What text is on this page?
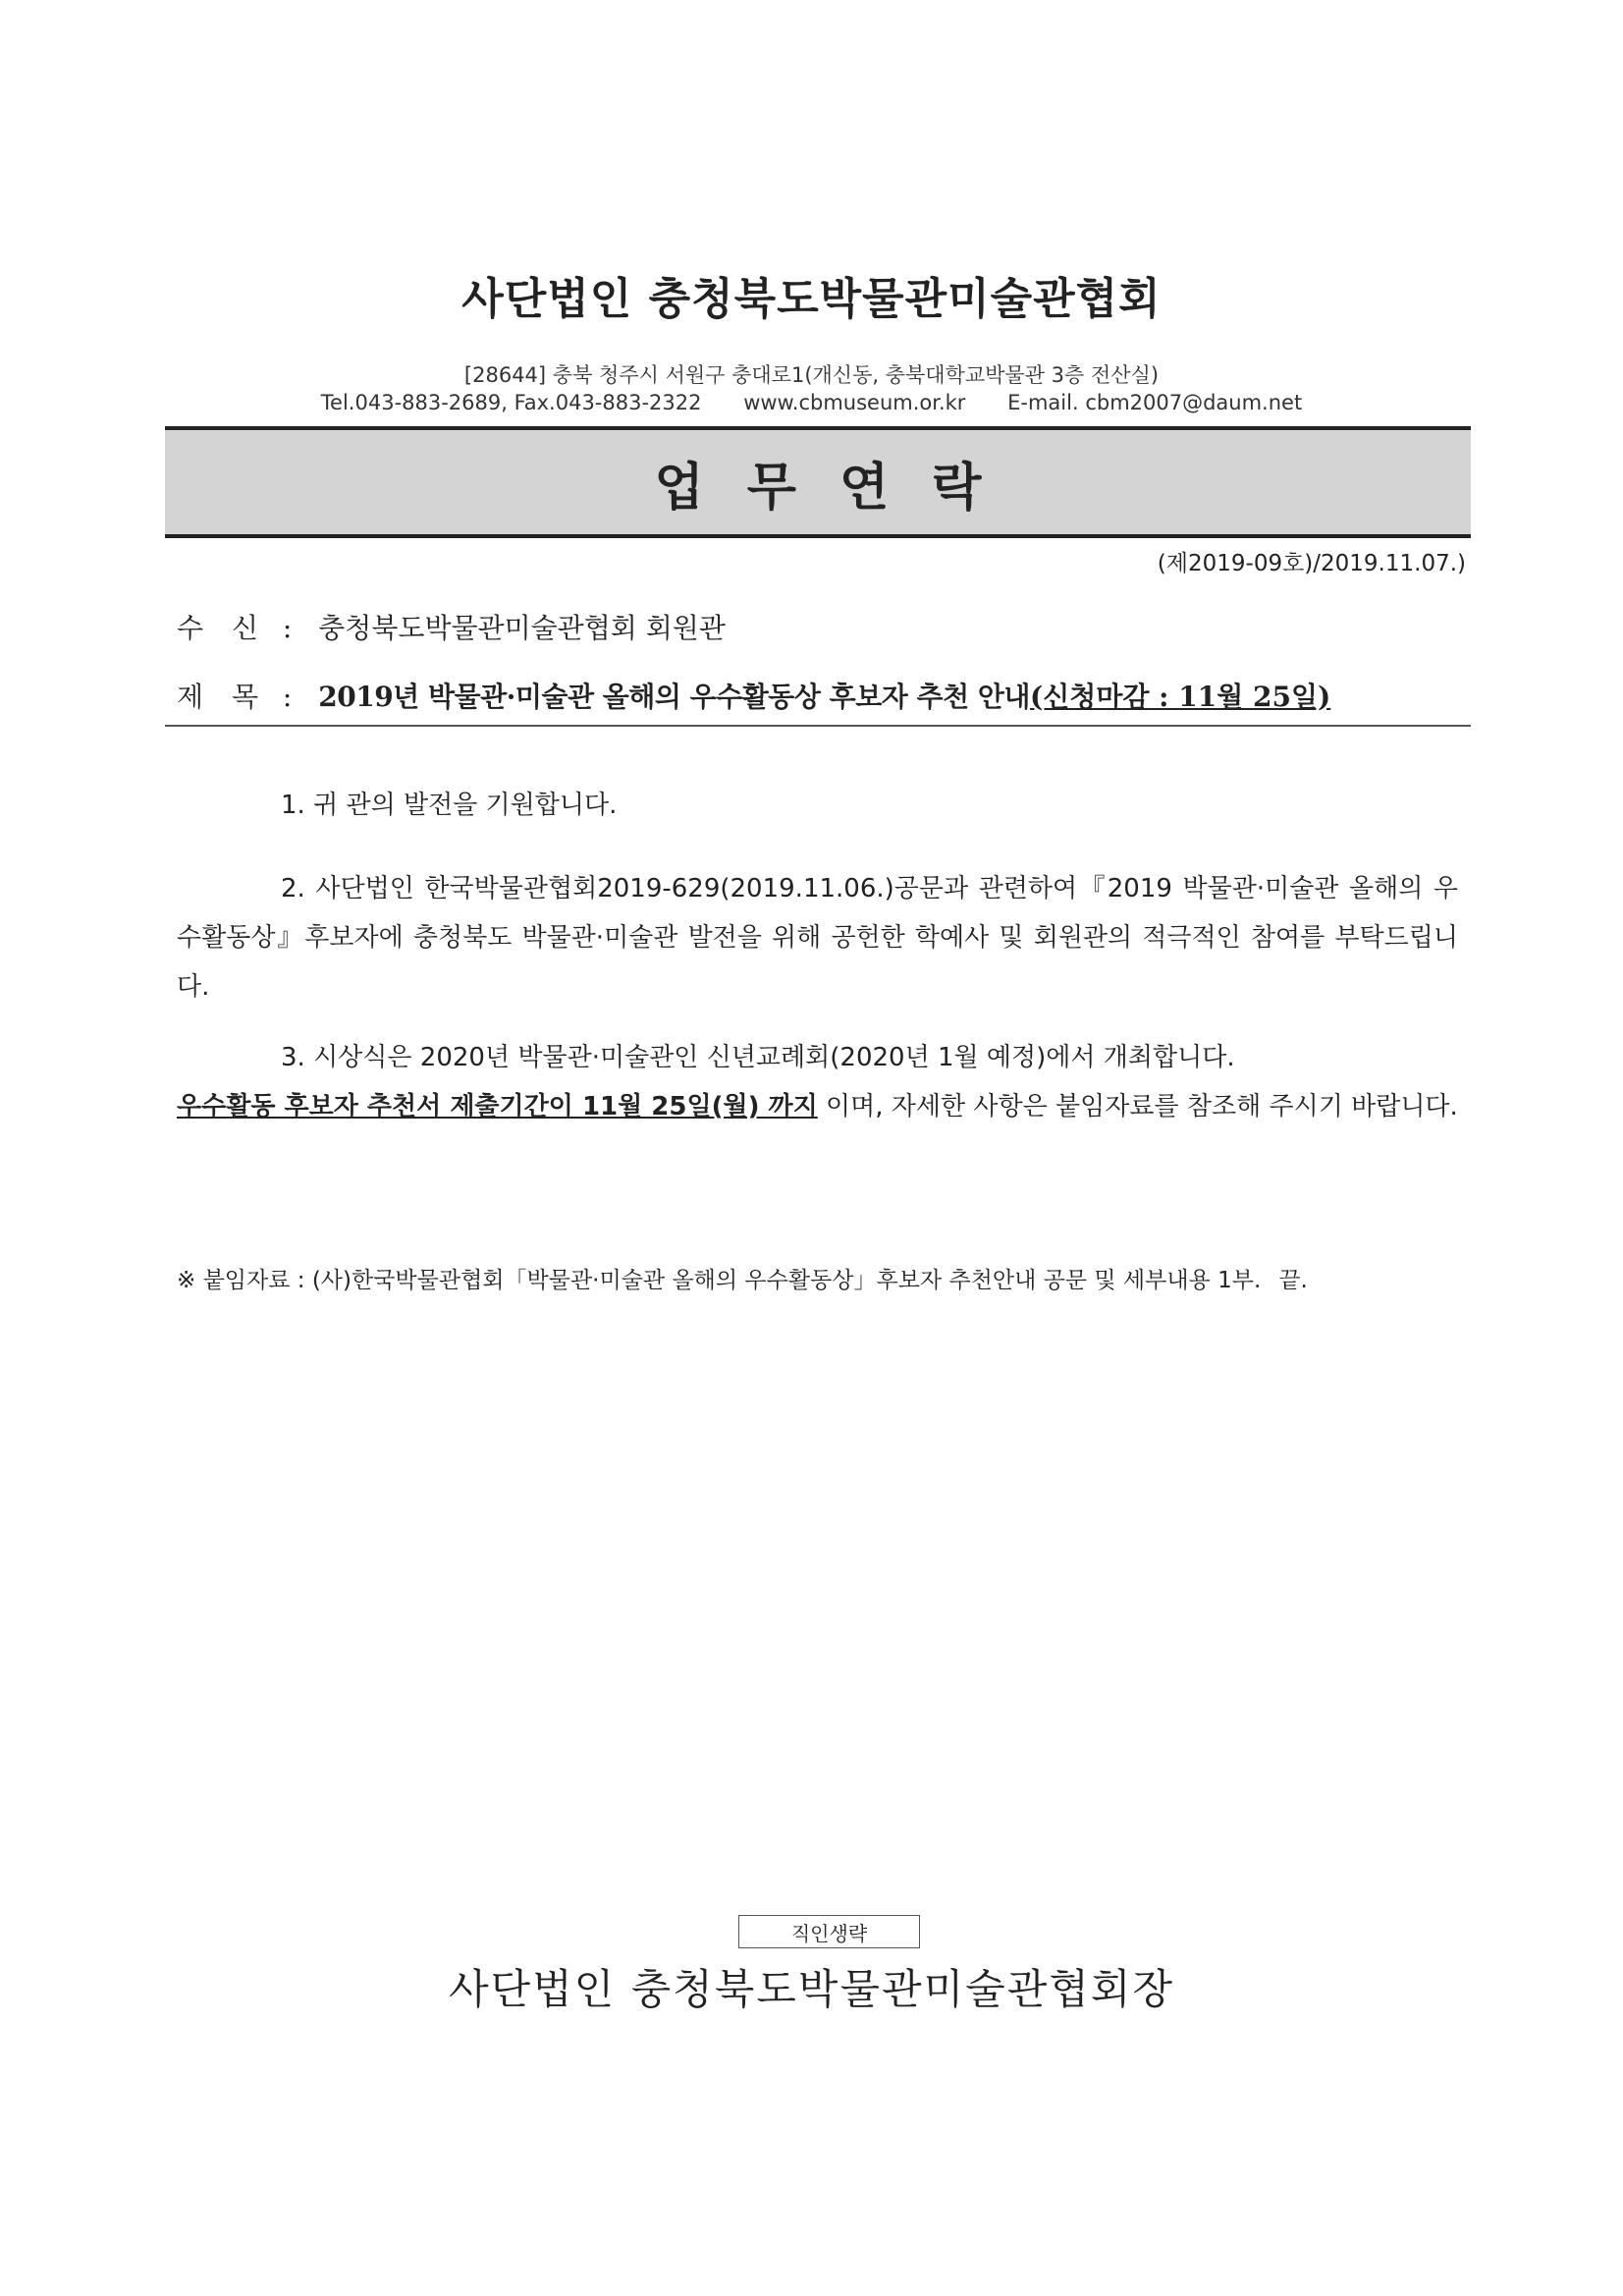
사단법인 충청북도박물관미술관협회
[28644] 충북 청주시 서원구 충대로1(개신동, 충북대학교박물관 3층 전산실)
Tel.043-883-2689, Fax.043-883-2322 www.cbmuseum.or.kr E-mail. cbm2007@daum.net
업무연락
(제2019-09호)/2019.11.07.)
수 신 : 충청북도박물관미술관협회 회원관
제 목 : 2019년 박물관·미술관 올해의 우수활동상 후보자 추천 안내(신청마감 : 11월 25일)
1. 귀 관의 발전을 기원합니다.
2. 사단법인 한국박물관협회2019-629(2019.11.06.)공문과 관련하여『2019 박물관·미술관 올해의 우수활동상』후보자에 충청북도 박물관·미술관 발전을 위해 공헌한 학예사 및 회원관의 적극적인 참여를 부탁드립니다.
3. 시상식은 2020년 박물관·미술관인 신년교례회(2020년 1월 예정)에서 개최합니다.
우수활동 후보자 추천서 제출기간이 11월 25일(월) 까지 이며, 자세한 사항은 붙임자료를 참조해 주시기 바랍니다.
※ 붙임자료 : (사)한국박물관협회「박물관·미술관 올해의 우수활동상」후보자 추천안내 공문 및 세부내용 1부. 끝.
직인생략
사단법인 충청북도박물관미술관협회장
